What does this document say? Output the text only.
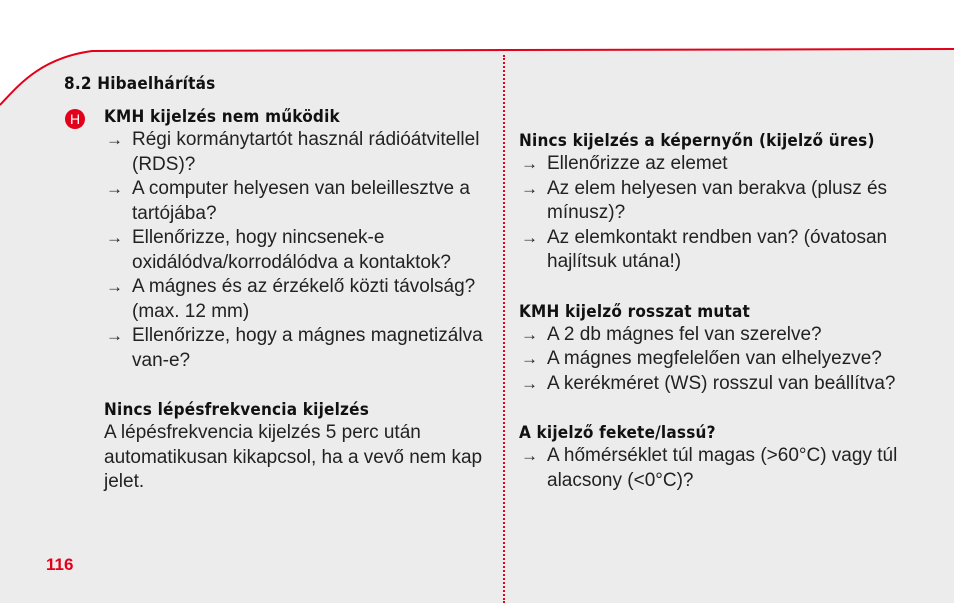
8.2 Hibaelhárítás
H KMH kijelzés nem működik
→ Régi kormánytartót használ rádióátvitellel (RDS)?
→ A computer helyesen van beleillesztve a tartójába?
→ Ellenőrizze, hogy nincsenek-e oxidálódva/korrodálódva a kontaktok?
→ A mágnes és az érzékelő közti távolság? (max. 12 mm)
→ Ellenőrizze, hogy a mágnes magnetizálva van-e?
Nincs lépésfrekvencia kijelzés

A lépésfrekvencia kijelzés 5 perc után automatikusan kikapcsol, ha a vevő nem kap jelet.

Nincs kijelzés a képernyőn (kijelző üres)
→ Ellenőrizze az elemet
→ Az elem helyesen van berakva (plusz és mínusz)?
→ Az elemkontakt rendben van? (óvatosan hajlítsuk utána!)
KMH kijelző rosszat mutat
→ A 2 db mágnes fel van szerelve?
→ A mágnes megfelelően van elhelyezve?
→ A kerékméret (WS) rosszul van beállítva?
A kijelző fekete/lassú?
→ A hőmérséklet túl magas (>60°C) vagy túl alacsony (<0°C)?
116
